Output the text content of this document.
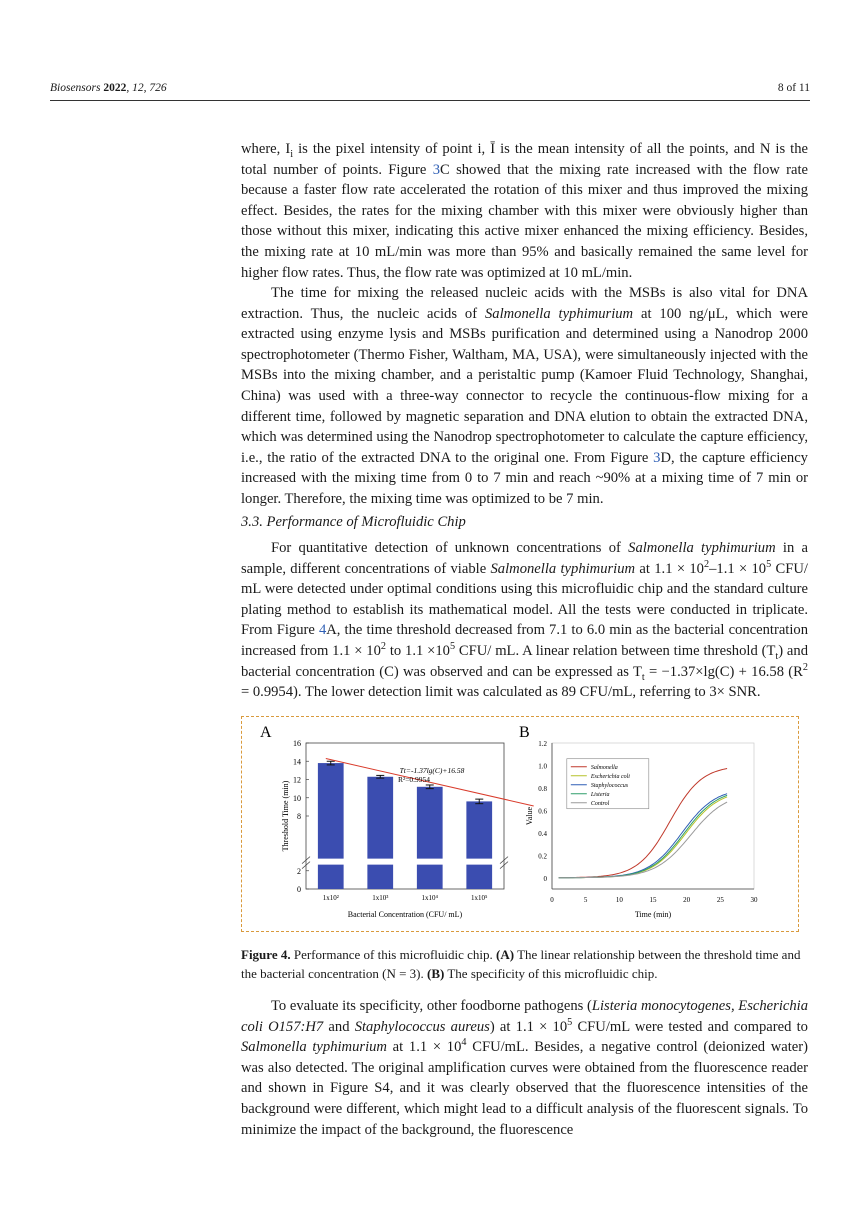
Biosensors 2022, 12, 726	8 of 11

where, $I_i$ is the pixel intensity of point i, Ī is the mean intensity of all the points, and N is the total number of points. Figure 3C showed that the mixing rate increased with the flow rate because a faster flow rate accelerated the rotation of this mixer and thus improved the mixing effect. Besides, the rates for the mixing chamber with this mixer were obviously higher than those without this mixer, indicating this active mixer enhanced the mixing efficiency. Besides, the mixing rate at 10 mL/min was more than 95% and basically remained the same level for higher flow rates. Thus, the flow rate was optimized at 10 mL/min.

The time for mixing the released nucleic acids with the MSBs is also vital for DNA extraction. Thus, the nucleic acids of Salmonella typhimurium at 100 ng/μL, which were extracted using enzyme lysis and MSBs purification and determined using a Nanodrop 2000 spectrophotometer (Thermo Fisher, Waltham, MA, USA), were simultaneously injected with the MSBs into the mixing chamber, and a peristaltic pump (Kamoer Fluid Technology, Shanghai, China) was used with a three-way connector to recycle the continuous-flow mixing for a different time, followed by magnetic separation and DNA elution to obtain the extracted DNA, which was determined using the Nanodrop spectrophotometer to calculate the capture efficiency, i.e., the ratio of the extracted DNA to the original one. From Figure 3D, the capture efficiency increased with the mixing time from 0 to 7 min and reach ~90% at a mixing time of 7 min or longer. Therefore, the mixing time was optimized to be 7 min.

3.3. Performance of Microfluidic Chip

For quantitative detection of unknown concentrations of Salmonella typhimurium in a sample, different concentrations of viable Salmonella typhimurium at $1.1 \times 10^2-1.1 \times 10^5$ CFU/ mL were detected under optimal conditions using this microfluidic chip and the standard culture plating method to establish its mathematical model. All the tests were conducted in triplicate. From Figure 4A, the time threshold decreased from 7.1 to 6.0 min as the bacterial concentration increased from $1.1 \times 10^2$ to $1.1 \times 10^5$ CFU/ mL. A linear relation between time threshold $(T_t)$ and bacterial concentration (C) was observed and can be expressed as $T_t = -1.37\times\lg(C) + 16.58$ $(R^2 = 0.9954)$. The lower detection limit was calculated as 89 CFU/mL, referring to 3× SNR.

A	B
0
2
8
10
12
14
16
1x10²	1x10³	1x10⁴	1x10⁵
Tt=-1.37lg(C)+16.58
R²=0.9954
Bacterial Concentration (CFU/ mL)
Threshold Time (min)
0
0.2
0.4
0.6
0.8
1.0
1.2
0	5	10	15	20	25	30
Salmonella
Escherichia coli
Staphylococcus
Listeria
Control
Time (min)
Value
Figure 4. Performance of this microfluidic chip. (A) The linear relationship between the threshold time and the bacterial concentration (N = 3). (B) The specificity of this microfluidic chip.

To evaluate its specificity, other foodborne pathogens (Listeria monocytogenes, Escherichia coli O157:H7 and Staphylococcus aureus) at $1.1 \times 10^5$ CFU/mL were tested and compared to Salmonella typhimurium at $1.1 \times 10^4$ CFU/mL. Besides, a negative control (deionized water) was also detected. The original amplification curves were obtained from the fluorescence reader and shown in Figure S4, and it was clearly observed that the fluorescence intensities of the background were different, which might lead to a difficult analysis of the fluorescent signals. To minimize the impact of the background, the fluorescence
